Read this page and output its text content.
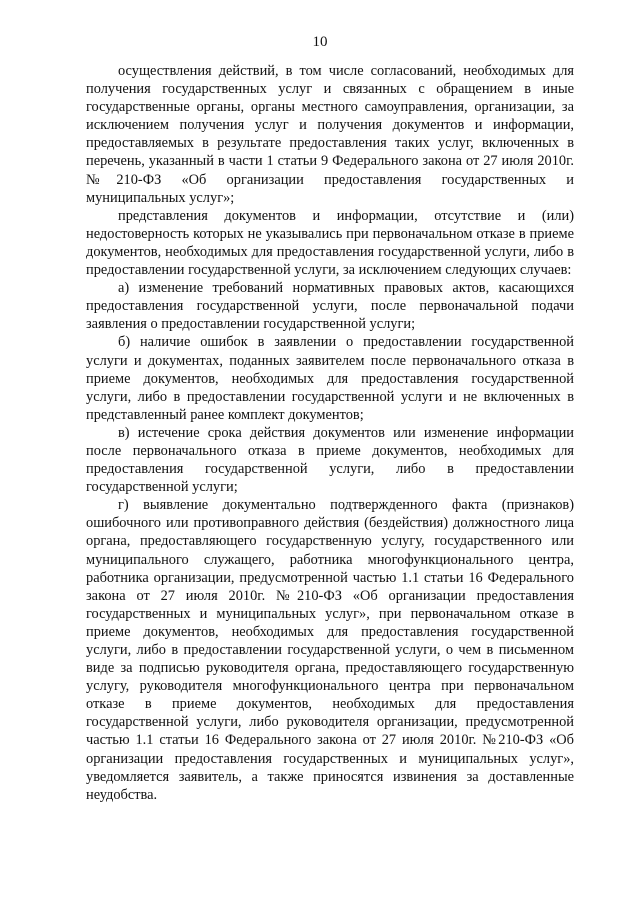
10

осуществления действий, в том числе согласований, необходимых для получения государственных услуг и связанных с обращением в иные государственные органы, органы местного самоуправления, организации, за исключением получения услуг и получения документов и информации, предоставляемых в результате предоставления таких услуг, включенных в перечень, указанный в части 1 статьи 9 Федерального закона от 27 июля 2010г. №210-ФЗ «Об организации предоставления государственных и муниципальных услуг»;

представления документов и информации, отсутствие и (или) недостоверность которых не указывались при первоначальном отказе в приеме документов, необходимых для предоставления государственной услуги, либо в предоставлении государственной услуги, за исключением следующих случаев:

а) изменение требований нормативных правовых актов, касающихся предоставления государственной услуги, после первоначальной подачи заявления о предоставлении государственной услуги;

б) наличие ошибок в заявлении о предоставлении государственной услуги и документах, поданных заявителем после первоначального отказа в приеме документов, необходимых для предоставления государственной услуги, либо в предоставлении государственной услуги и не включенных в представленный ранее комплект документов;

в) истечение срока действия документов или изменение информации после первоначального отказа в приеме документов, необходимых для предоставления государственной услуги, либо в предоставлении государственной услуги;

г) выявление документально подтвержденного факта (признаков) ошибочного или противоправного действия (бездействия) должностного лица органа, предоставляющего государственную услугу, государственного или муниципального служащего, работника многофункционального центра, работника организации, предусмотренной частью 1.1 статьи 16 Федерального закона от 27 июля 2010г. №210-ФЗ «Об организации предоставления государственных и муниципальных услуг», при первоначальном отказе в приеме документов, необходимых для предоставления государственной услуги, либо в предоставлении государственной услуги, о чем в письменном виде за подписью руководителя органа, предоставляющего государственную услугу, руководителя многофункционального центра при первоначальном отказе в приеме документов, необходимых для предоставления государственной услуги, либо руководителя организации, предусмотренной частью 1.1 статьи 16 Федерального закона от 27 июля 2010г. №210-ФЗ «Об организации предоставления государственных и муниципальных услуг», уведомляется заявитель, а также приносятся извинения за доставленные неудобства.
